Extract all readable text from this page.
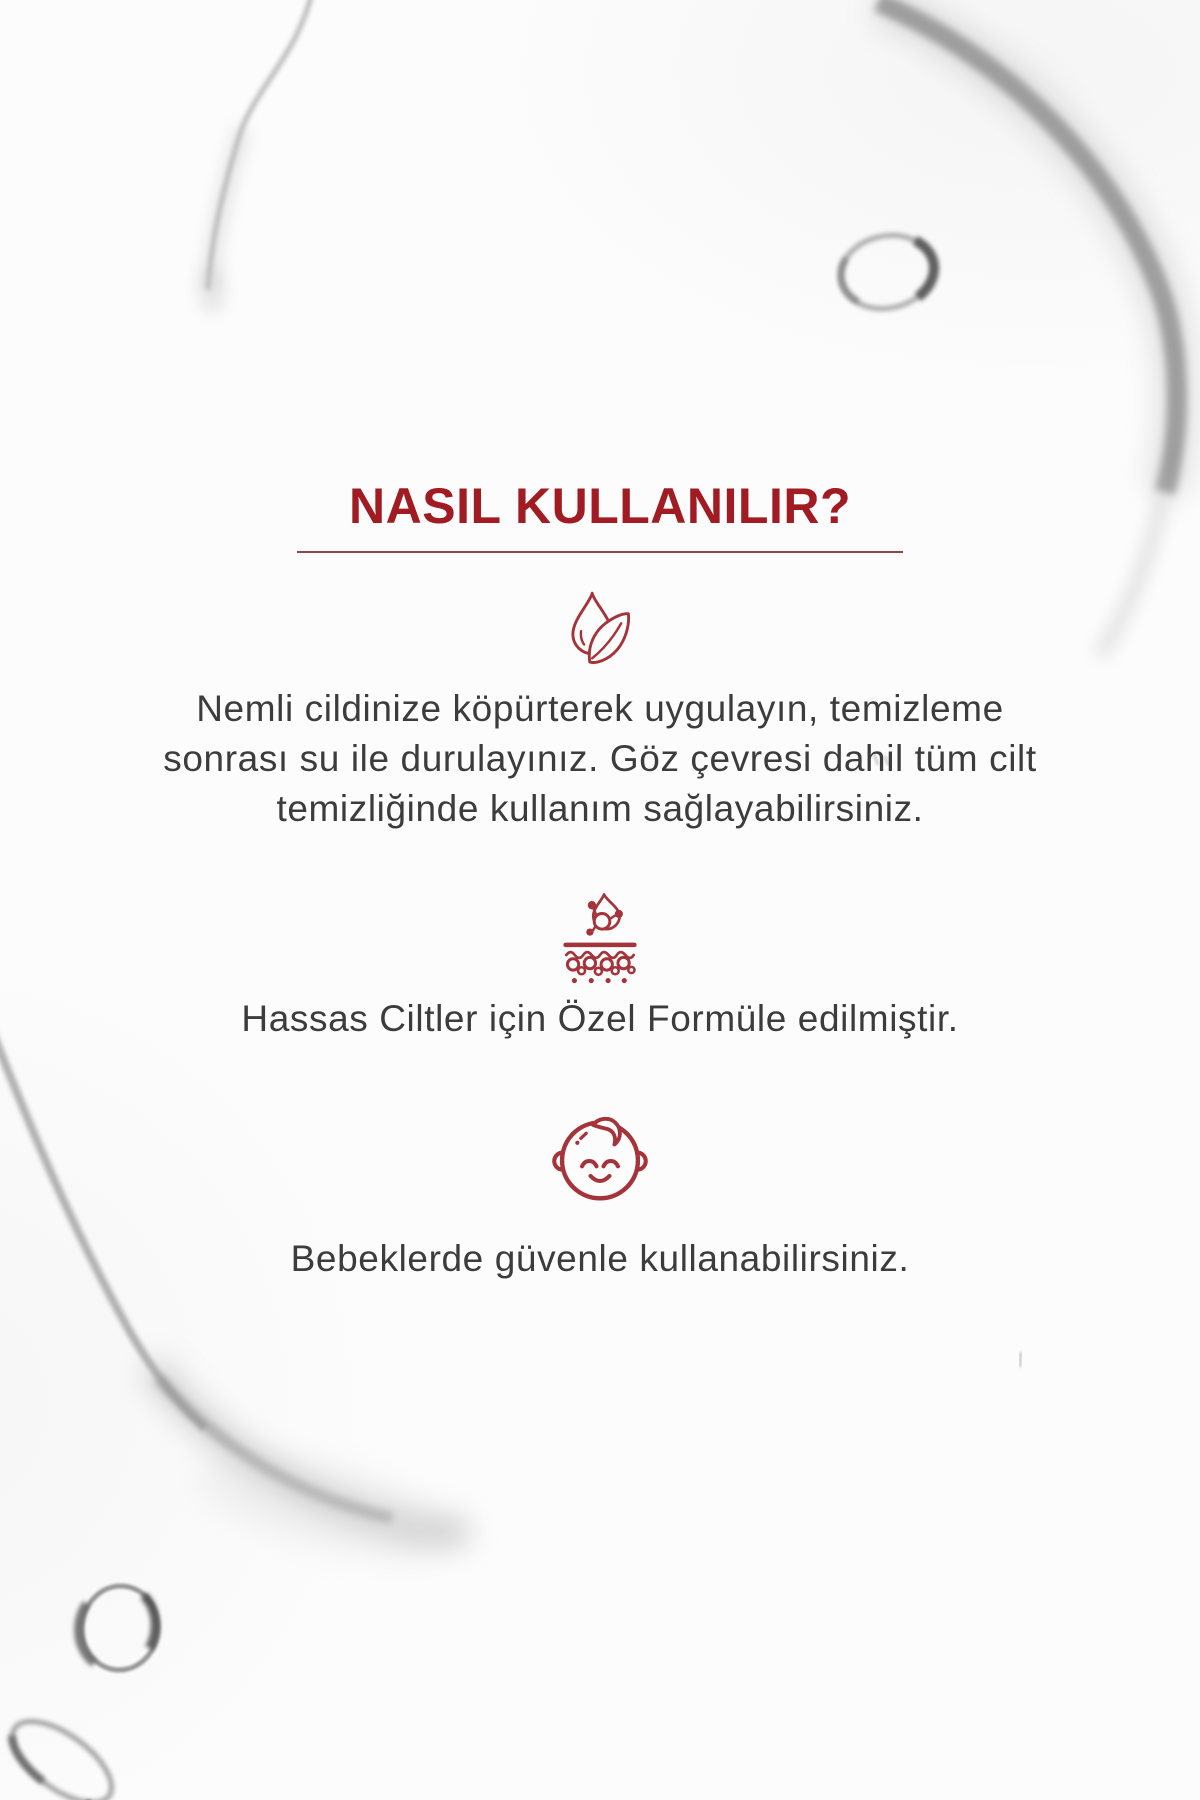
NASIL KULLANILIR?
Nemli cildinize köpürterek uygulayın, temizleme
sonrası su ile durulayınız. Göz çevresi dahil tüm cilt
temizliğinde kullanım sağlayabilirsiniz.
Hassas Ciltler için Özel Formüle edilmiştir.
Bebeklerde güvenle kullanabilirsiniz.
